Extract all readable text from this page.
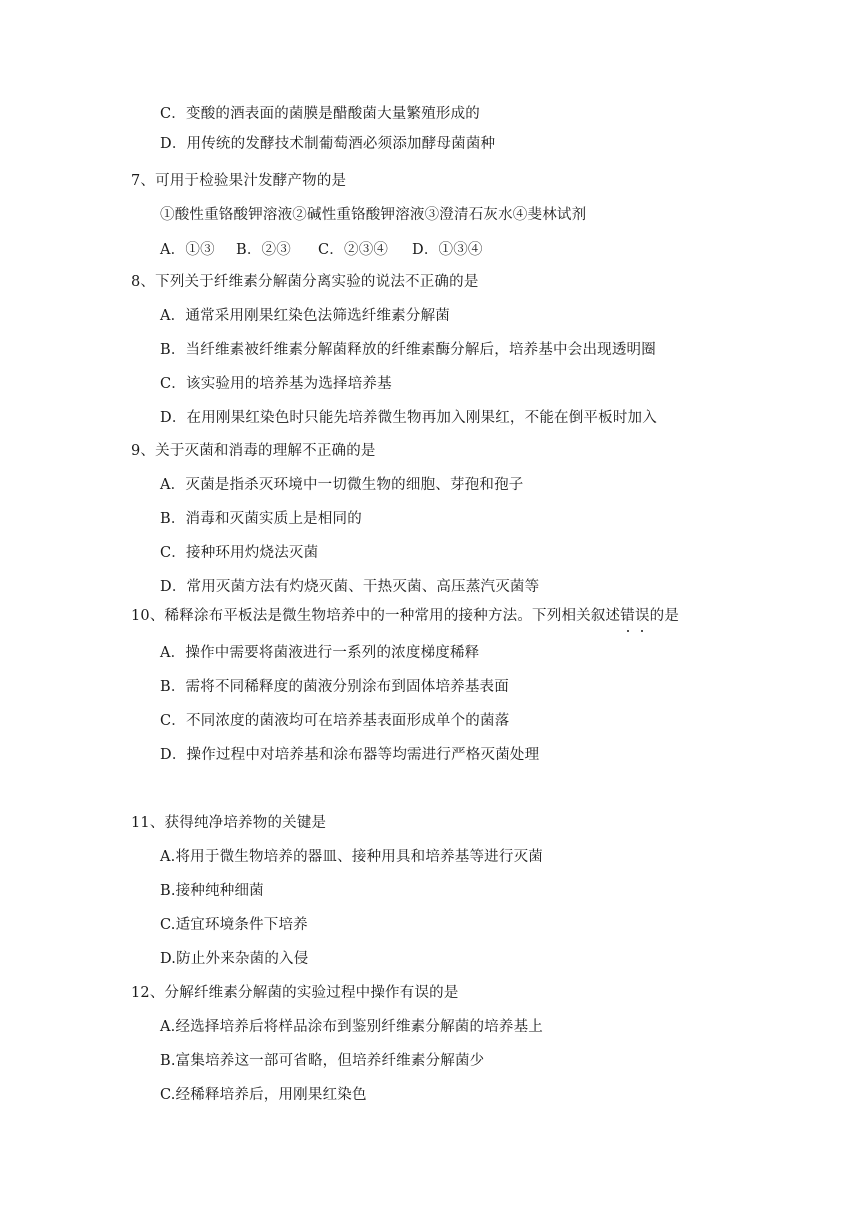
C．变酸的酒表面的菌膜是醋酸菌大量繁殖形成的
D．用传统的发酵技术制葡萄酒必须添加酵母菌菌种
7、可用于检验果汁发酵产物的是
①酸性重铬酸钾溶液②碱性重铬酸钾溶液③澄清石灰水④斐林试剂
A．①③ B．②③ C．②③④ D．①③④
8、下列关于纤维素分解菌分离实验的说法不正确的是
A．通常采用刚果红染色法筛选纤维素分解菌
B．当纤维素被纤维素分解菌释放的纤维素酶分解后，培养基中会出现透明圈
C．该实验用的培养基为选择培养基
D．在用刚果红染色时只能先培养微生物再加入刚果红，不能在倒平板时加入
9、关于灭菌和消毒的理解不正确的是
A．灭菌是指杀灭环境中一切微生物的细胞、芽孢和孢子
B．消毒和灭菌实质上是相同的
C．接种环用灼烧法灭菌
D．常用灭菌方法有灼烧灭菌、干热灭菌、高压蒸汽灭菌等
10、稀释涂布平板法是微生物培养中的一种常用的接种方法。下列相关叙述错误的是
A．操作中需要将菌液进行一系列的浓度梯度稀释
B．需将不同稀释度的菌液分别涂布到固体培养基表面
C．不同浓度的菌液均可在培养基表面形成单个的菌落
D．操作过程中对培养基和涂布器等均需进行严格灭菌处理
11、获得纯净培养物的关键是
A.将用于微生物培养的器皿、接种用具和培养基等进行灭菌
B.接种纯种细菌
C.适宜环境条件下培养
D.防止外来杂菌的入侵
12、分解纤维素分解菌的实验过程中操作有误的是
A.经选择培养后将样品涂布到鉴别纤维素分解菌的培养基上
B.富集培养这一部可省略，但培养纤维素分解菌少
C.经稀释培养后，用刚果红染色
